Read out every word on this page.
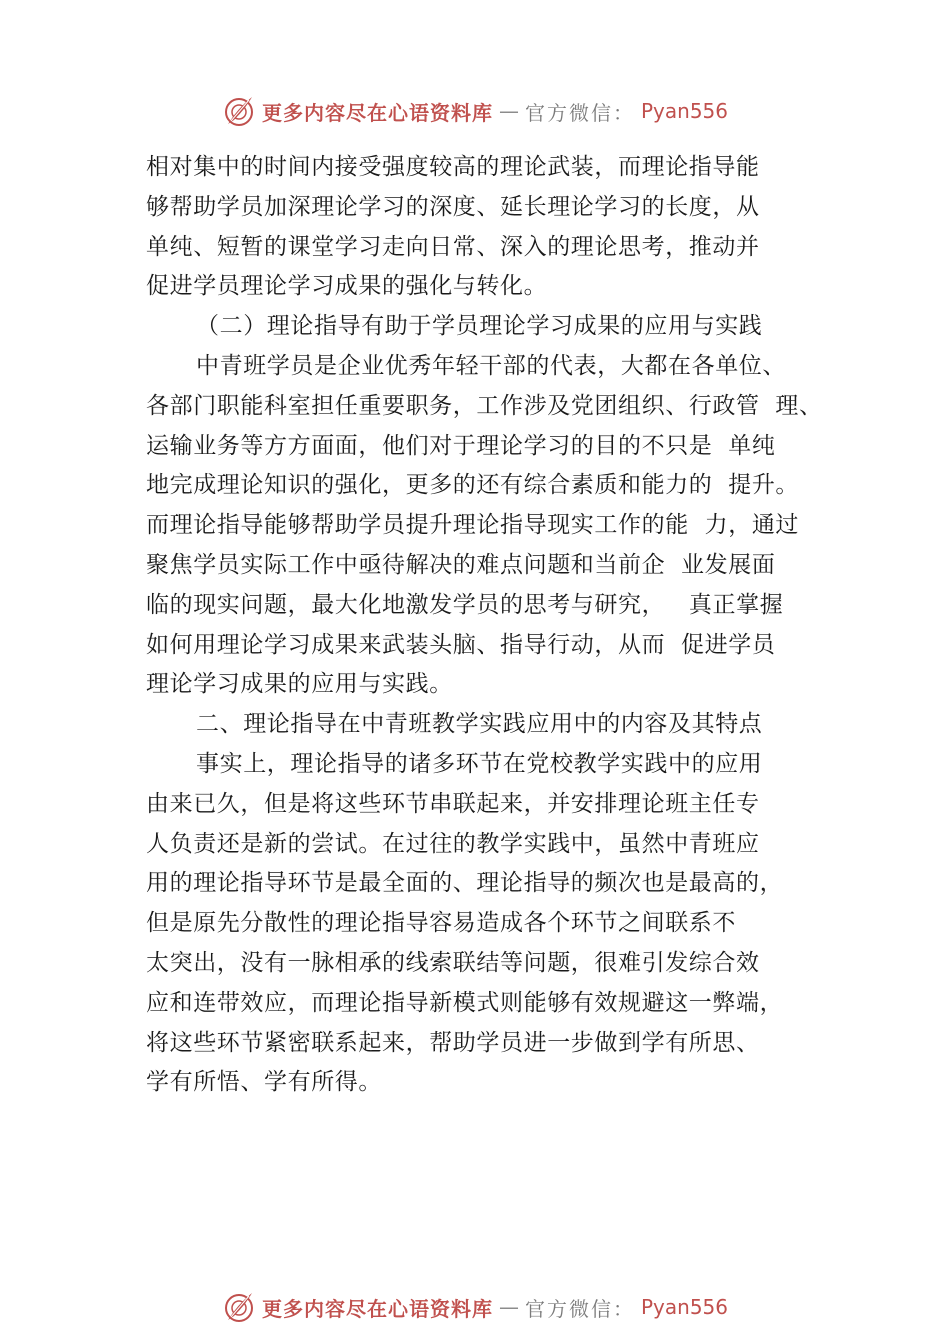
更多内容尽在心语资料库 — 官方微信： Pyan556
相对集中的时间内接受强度较高的理论武装，而理论指导能
够帮助学员加深理论学习的深度、延长理论学习的长度，从
单纯、短暂的课堂学习走向日常、深入的理论思考，推动并
促进学员理论学习成果的强化与转化。
（二）理论指导有助于学员理论学习成果的应用与实践
中青班学员是企业优秀年轻干部的代表，大都在各单位、
各部门职能科室担任重要职务，工作涉及党团组织、行政管  理、
运输业务等方方面面，他们对于理论学习的目的不只是  单纯
地完成理论知识的强化，更多的还有综合素质和能力的  提升。
而理论指导能够帮助学员提升理论指导现实工作的能  力，通过
聚焦学员实际工作中亟待解决的难点问题和当前企  业发展面
临的现实问题，最大化地激发学员的思考与研究，   真正掌握
如何用理论学习成果来武装头脑、指导行动，从而  促进学员
理论学习成果的应用与实践。
二、理论指导在中青班教学实践应用中的内容及其特点
事实上，理论指导的诸多环节在党校教学实践中的应用
由来已久，但是将这些环节串联起来，并安排理论班主任专
人负责还是新的尝试。在过往的教学实践中，虽然中青班应
用的理论指导环节是最全面的、理论指导的频次也是最高的，
但是原先分散性的理论指导容易造成各个环节之间联系不
太突出，没有一脉相承的线索联结等问题，很难引发综合效
应和连带效应，而理论指导新模式则能够有效规避这一弊端，
将这些环节紧密联系起来，帮助学员进一步做到学有所思、
学有所悟、学有所得。
更多内容尽在心语资料库 — 官方微信： Pyan556
